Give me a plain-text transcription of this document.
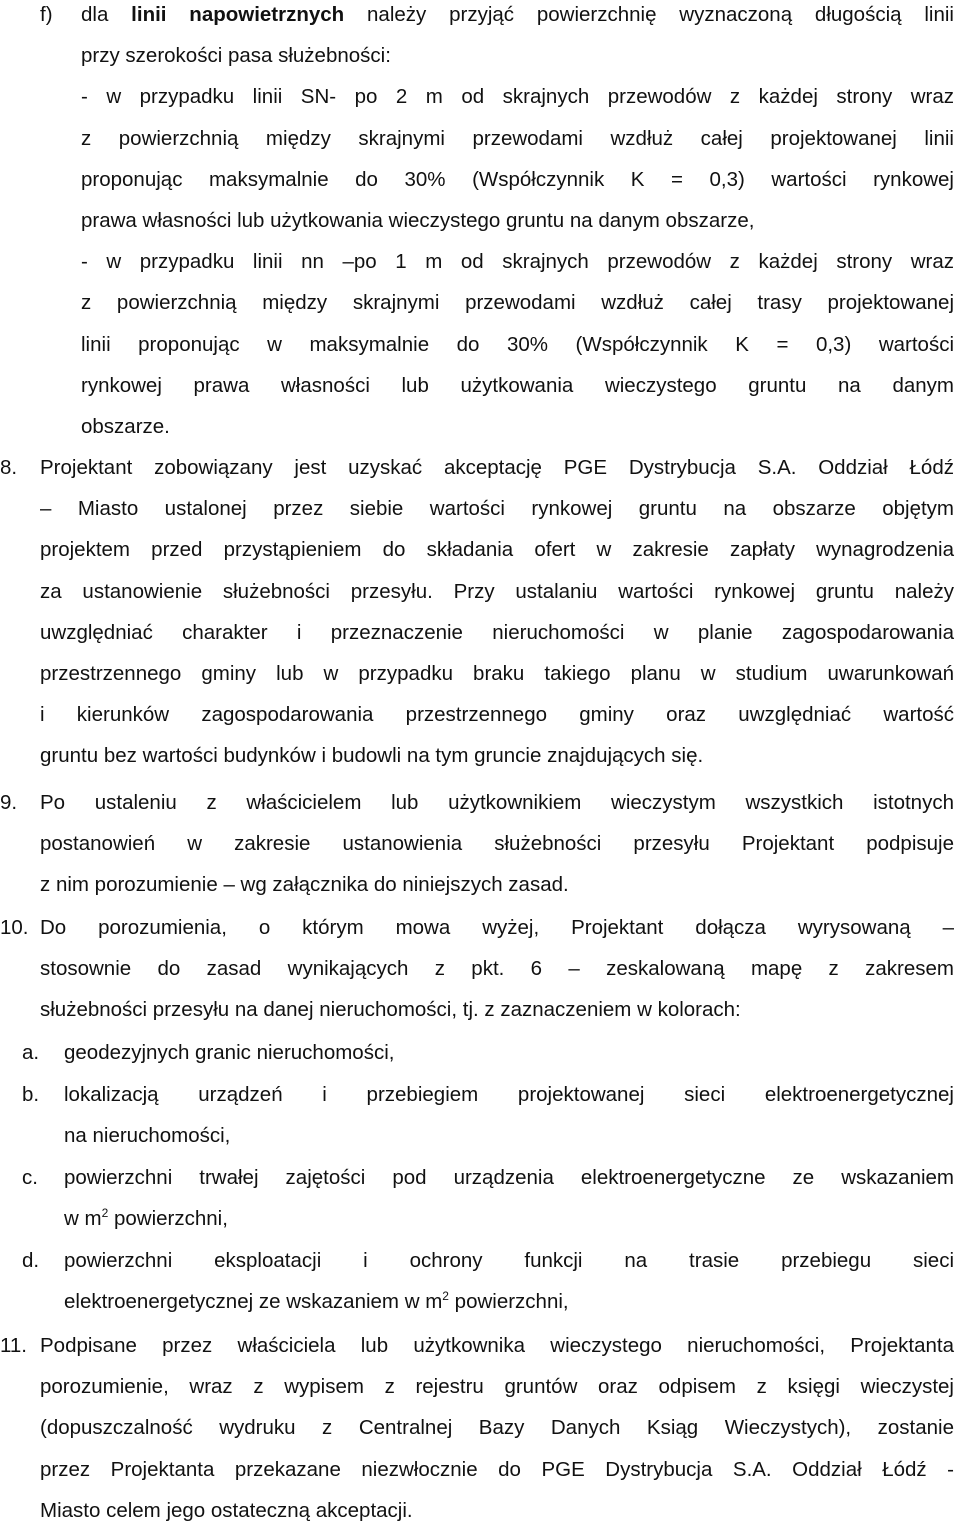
f) dla linii napowietrznych należy przyjąć powierzchnię wyznaczoną długością linii
przy szerokości pasa służebności:
- w przypadku linii SN- po 2 m od skrajnych przewodów z każdej strony wraz
z powierzchnią między skrajnymi przewodami wzdłuż całej projektowanej linii
proponując maksymalnie do 30% (Współczynnik K = 0,3) wartości rynkowej
prawa własności lub użytkowania wieczystego gruntu na danym obszarze,
- w przypadku linii nn –po 1 m od skrajnych przewodów z każdej strony wraz
z powierzchnią między skrajnymi przewodami wzdłuż całej trasy projektowanej
linii proponując w maksymalnie do 30% (Współczynnik K = 0,3) wartości
rynkowej prawa własności lub użytkowania wieczystego gruntu na danym
obszarze.
8. Projektant zobowiązany jest uzyskać akceptację PGE Dystrybucja S.A. Oddział Łódź
– Miasto ustalonej przez siebie wartości rynkowej gruntu na obszarze objętym
projektem przed przystąpieniem do składania ofert w zakresie zapłaty wynagrodzenia
za ustanowienie służebności przesyłu. Przy ustalaniu wartości rynkowej gruntu należy
uwzględniać charakter i przeznaczenie nieruchomości w planie zagospodarowania
przestrzennego gminy lub w przypadku braku takiego planu w studium uwarunkowań
i kierunków zagospodarowania przestrzennego gminy oraz uwzględniać wartość
gruntu bez wartości budynków i budowli na tym gruncie znajdujących się.
9. Po ustaleniu z właścicielem lub użytkownikiem wieczystym wszystkich istotnych
postanowień w zakresie ustanowienia służebności przesyłu Projektant podpisuje
z nim porozumienie – wg załącznika do niniejszych zasad.
10. Do porozumienia, o którym mowa wyżej, Projektant dołącza wyrysowaną –
stosownie do zasad wynikających z pkt. 6 – zeskalowaną mapę z zakresem
służebności przesyłu na danej nieruchomości, tj. z zaznaczeniem w kolorach:
a. geodezyjnych granic nieruchomości,
b. lokalizacją urządzeń i przebiegiem projektowanej sieci elektroenergetycznej
na nieruchomości,
c. powierzchni trwałej zajętości pod urządzenia elektroenergetyczne ze wskazaniem
w $m^2$ powierzchni,
d. powierzchni eksploatacji i ochrony funkcji na trasie przebiegu sieci
elektroenergetycznej ze wskazaniem w $m^2$ powierzchni,
11. Podpisane przez właściciela lub użytkownika wieczystego nieruchomości, Projektanta
porozumienie, wraz z wypisem z rejestru gruntów oraz odpisem z księgi wieczystej
(dopuszczalność wydruku z Centralnej Bazy Danych Ksiąg Wieczystych), zostanie
przez Projektanta przekazane niezwłocznie do PGE Dystrybucja S.A. Oddział Łódź -
Miasto celem jego ostateczną akceptacji.
